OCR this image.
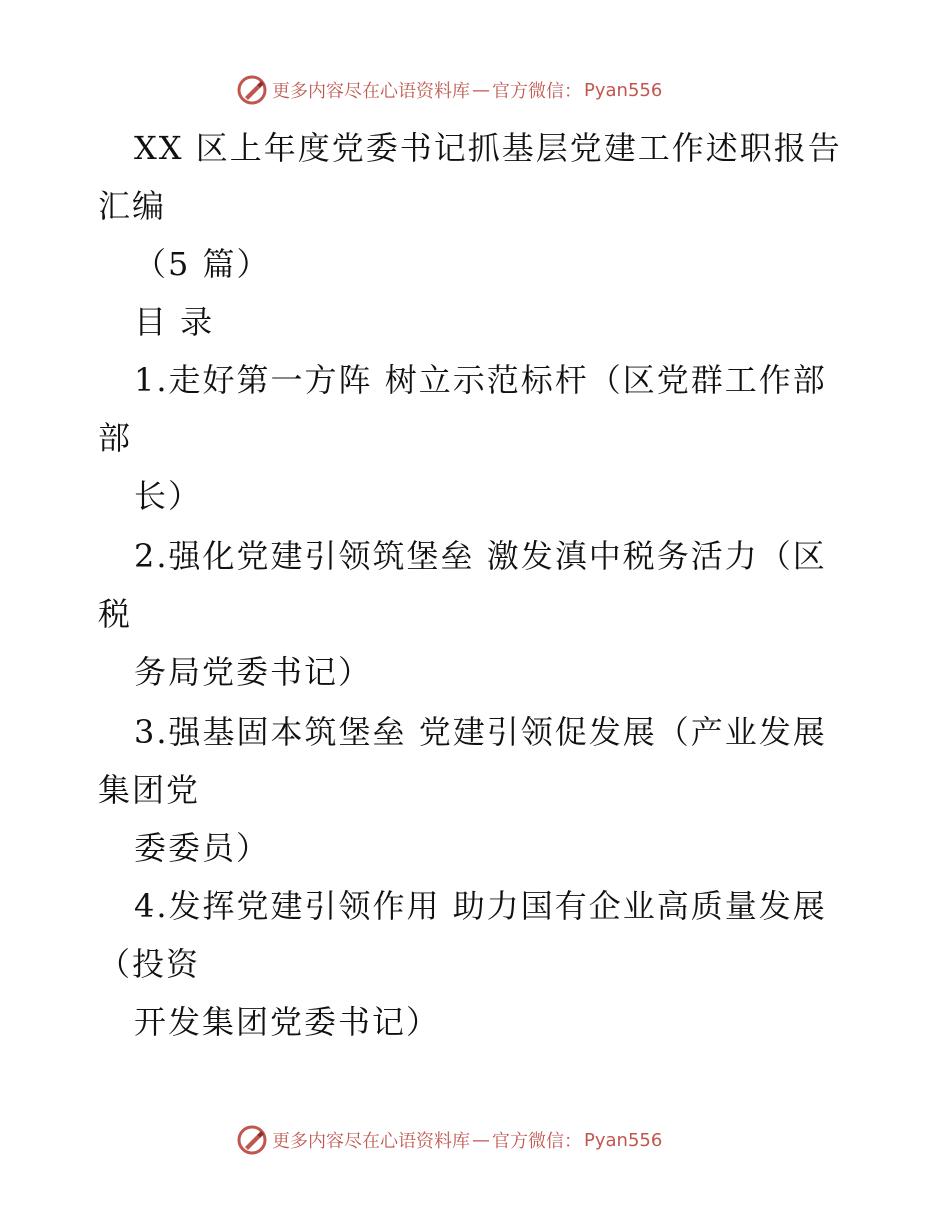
更多内容尽在心语资料库 — 官方微信： Pyan556
XX 区上年度党委书记抓基层党建工作述职报告
汇编
（5 篇）
目 录
1.走好第一方阵 树立示范标杆（区党群工作部
部
长）
2.强化党建引领筑堡垒 激发滇中税务活力（区
税
务局党委书记）
3.强基固本筑堡垒 党建引领促发展（产业发展
集团党
委委员）
4.发挥党建引领作用 助力国有企业高质量发展
（投资
开发集团党委书记）
更多内容尽在心语资料库 — 官方微信： Pyan556
